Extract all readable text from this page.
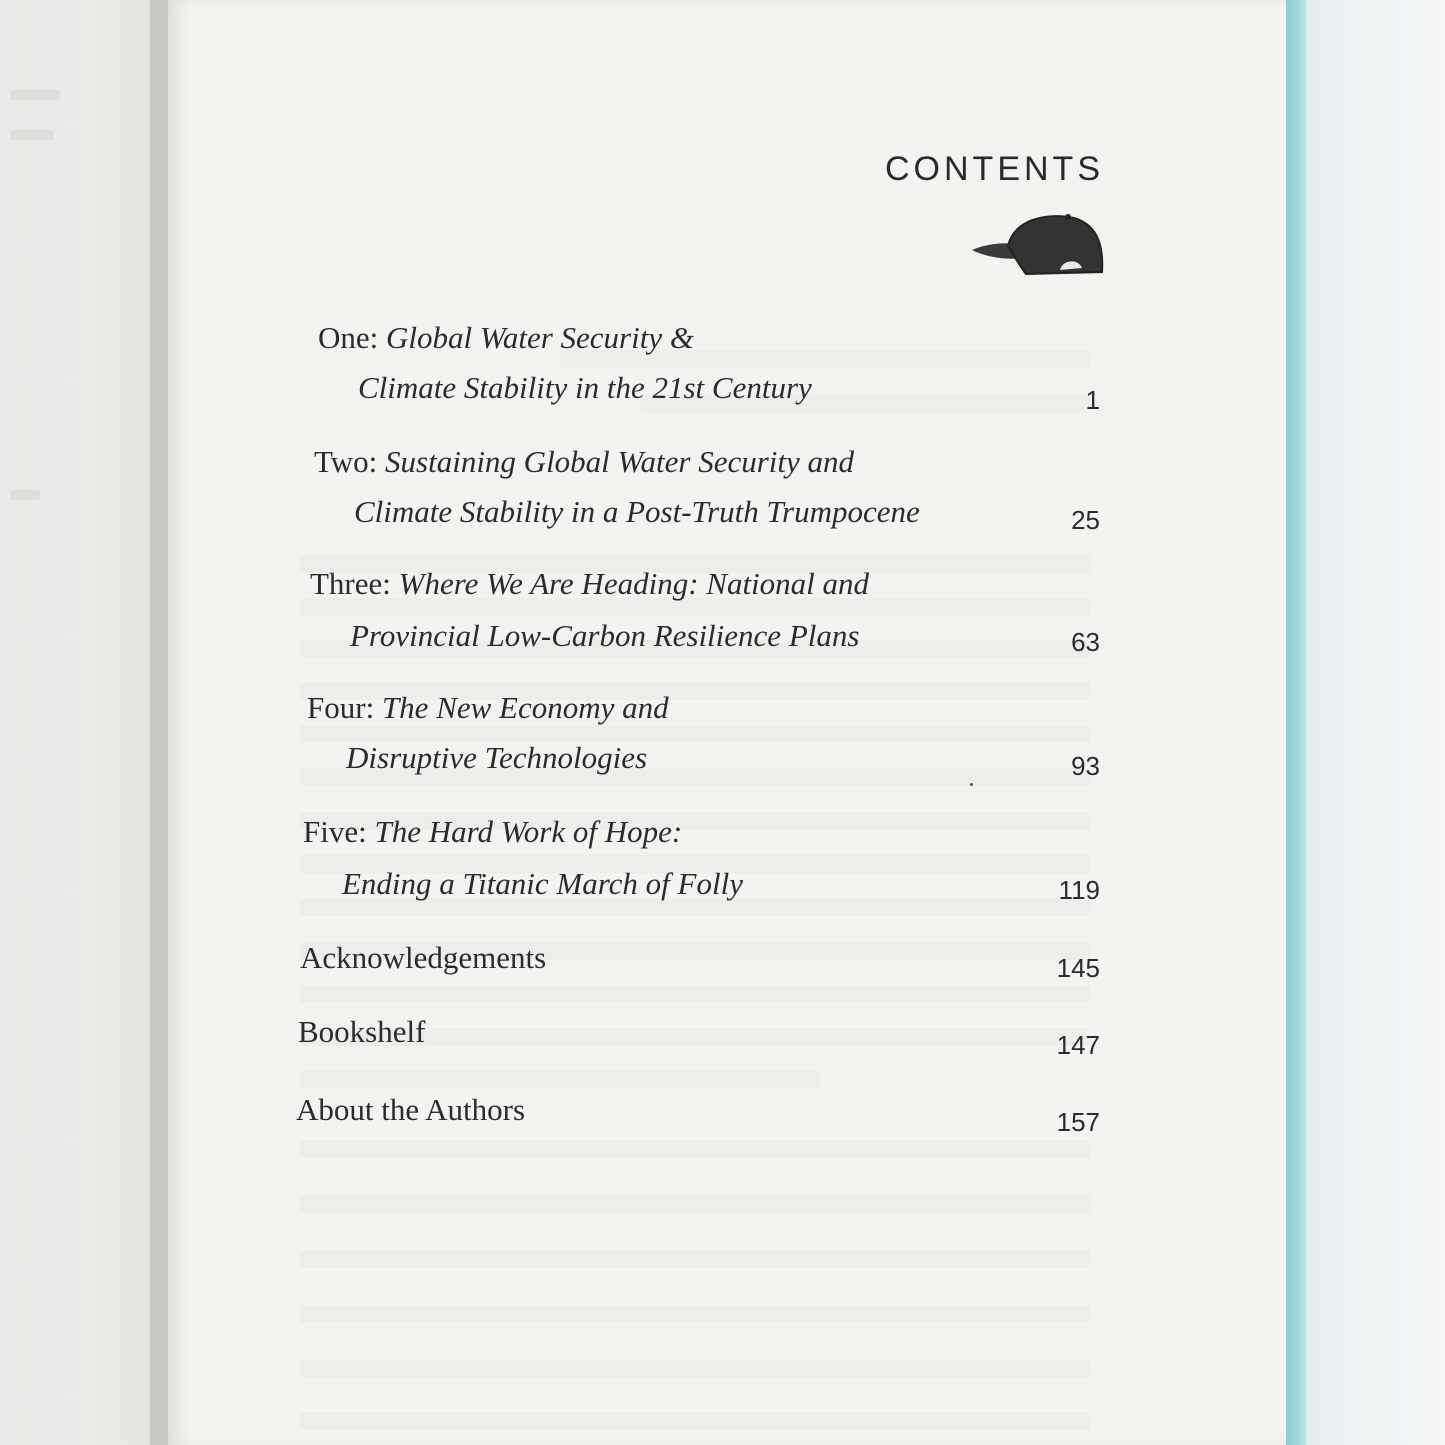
CONTENTS
One: Global Water Security &
Climate Stability in the 21st Century	1
Two: Sustaining Global Water Security and
Climate Stability in a Post-Truth Trumpocene	25
Three: Where We Are Heading: National and
Provincial Low-Carbon Resilience Plans	63
Four: The New Economy and
Disruptive Technologies	93
Five: The Hard Work of Hope:
Ending a Titanic March of Folly	119
Acknowledgements	145
Bookshelf	147
About the Authors	157
